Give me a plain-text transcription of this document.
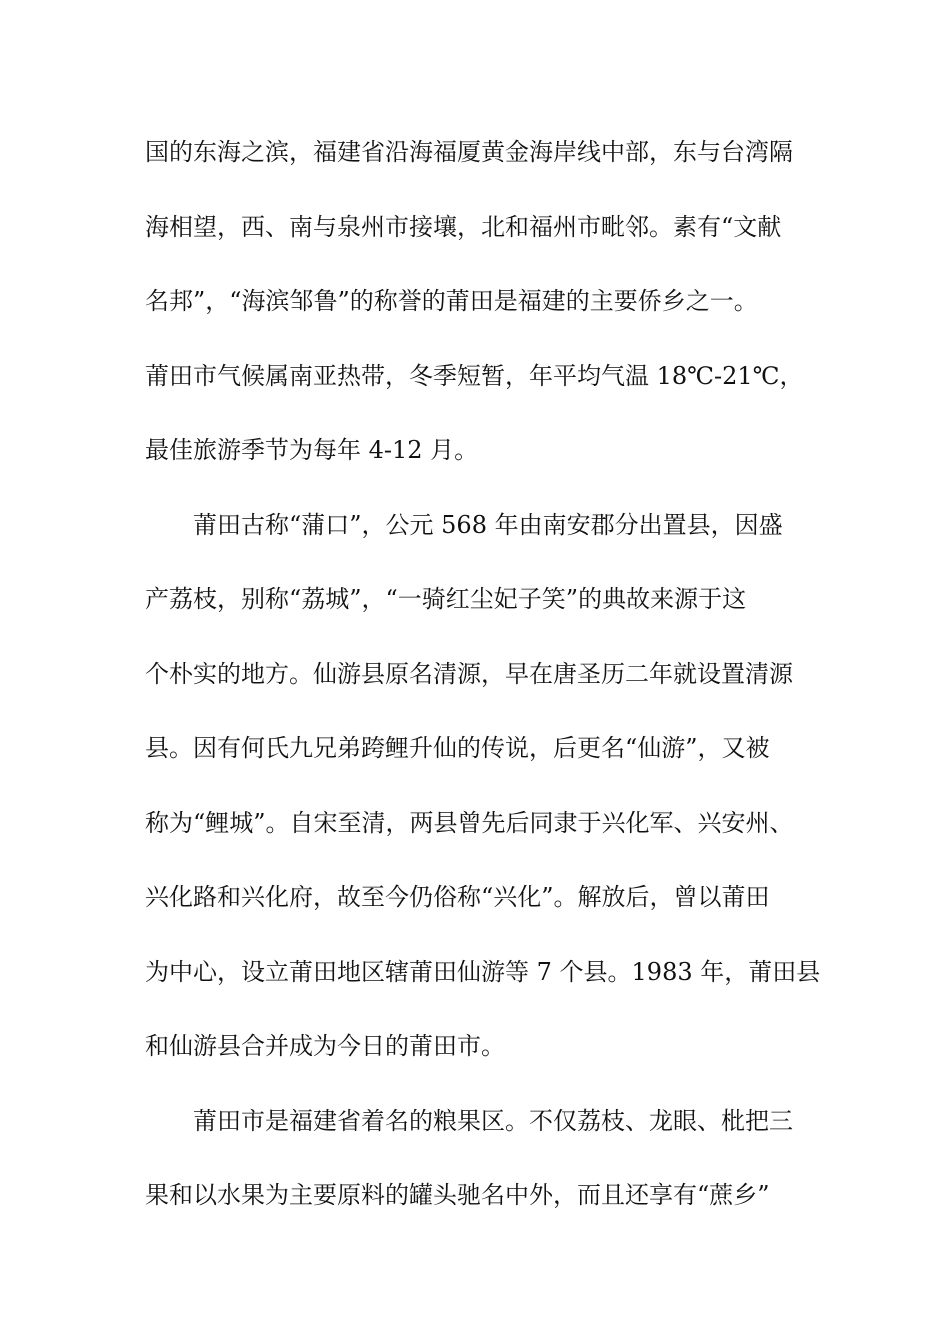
国的东海之滨，福建省沿海福厦黄金海岸线中部，东与台湾隔
海相望，西、南与泉州市接壤，北和福州市毗邻。素有“文献
名邦”，“海滨邹鲁”的称誉的莆田是福建的主要侨乡之一。
莆田市气候属南亚热带，冬季短暂，年平均气温 18℃-21℃，
最佳旅游季节为每年 4-12 月。
莆田古称“蒲口”，公元 568 年由南安郡分出置县，因盛
产荔枝，别称“荔城”，“一骑红尘妃子笑”的典故来源于这
个朴实的地方。仙游县原名清源，早在唐圣历二年就设置清源
县。因有何氏九兄弟跨鲤升仙的传说，后更名“仙游”，又被
称为“鲤城”。自宋至清，两县曾先后同隶于兴化军、兴安州、
兴化路和兴化府，故至今仍俗称“兴化”。解放后，曾以莆田
为中心，设立莆田地区辖莆田仙游等 7 个县。1983 年，莆田县
和仙游县合并成为今日的莆田市。
莆田市是福建省着名的粮果区。不仅荔枝、龙眼、枇把三
果和以水果为主要原料的罐头驰名中外，而且还享有“蔗乡”
